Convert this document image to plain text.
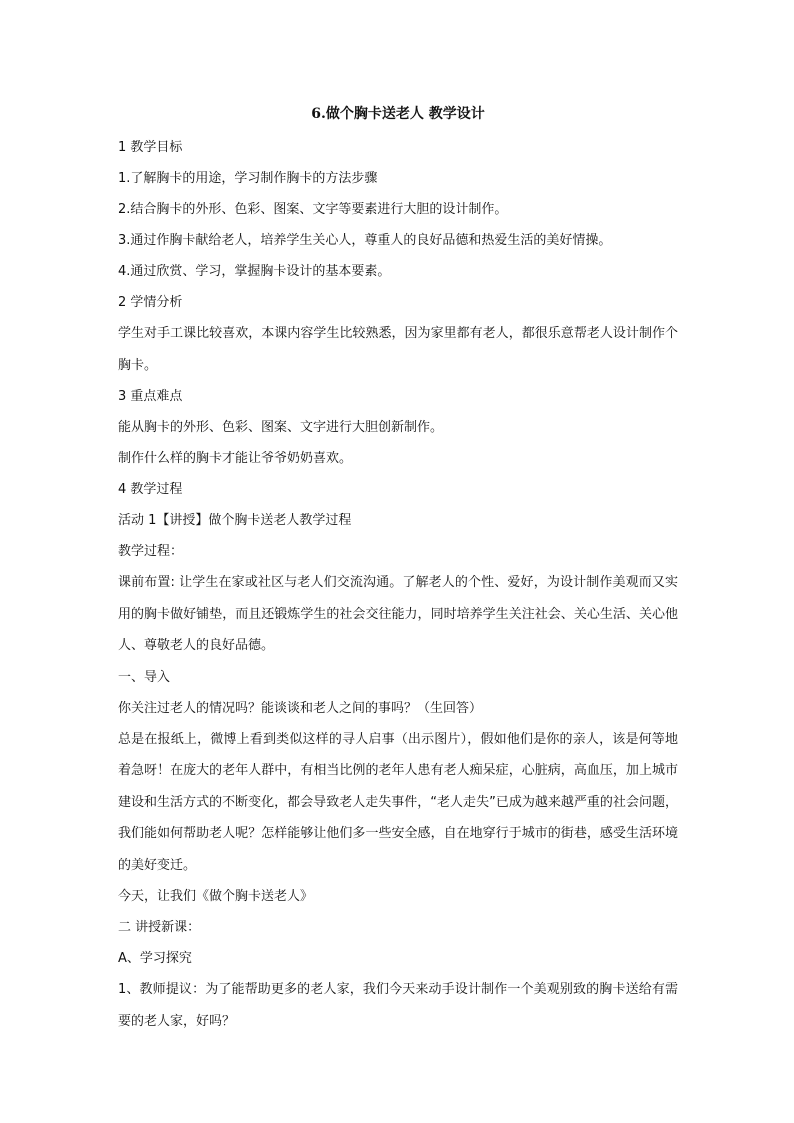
6.做个胸卡送老人 教学设计
1 教学目标
1.了解胸卡的用途，学习制作胸卡的方法步骤
2.结合胸卡的外形、色彩、图案、文字等要素进行大胆的设计制作。
3.通过作胸卡献给老人，培养学生关心人，尊重人的良好品德和热爱生活的美好情操。
4.通过欣赏、学习，掌握胸卡设计的基本要素。
2 学情分析
学生对手工课比较喜欢，本课内容学生比较熟悉，因为家里都有老人，都很乐意帮老人设计制作个胸卡。
3 重点难点
能从胸卡的外形、色彩、图案、文字进行大胆创新制作。
制作什么样的胸卡才能让爷爷奶奶喜欢。
4 教学过程
活动 1【讲授】做个胸卡送老人教学过程
教学过程：
课前布置: 让学生在家或社区与老人们交流沟通。了解老人的个性、爱好，为设计制作美观而又实用的胸卡做好铺垫，而且还锻炼学生的社会交往能力，同时培养学生关注社会、关心生活、关心他人、尊敬老人的良好品德。
一、导入
你关注过老人的情况吗？能谈谈和老人之间的事吗？（生回答）
总是在报纸上，微博上看到类似这样的寻人启事（出示图片），假如他们是你的亲人，该是何等地着急呀！在庞大的老年人群中，有相当比例的老年人患有老人痴呆症，心脏病，高血压，加上城市建设和生活方式的不断变化，都会导致老人走失事件，“老人走失”已成为越来越严重的社会问题，我们能如何帮助老人呢？怎样能够让他们多一些安全感，自在地穿行于城市的街巷，感受生活环境的美好变迁。
今天，让我们《做个胸卡送老人》
二 讲授新课：
A、学习探究
1、教师提议：为了能帮助更多的老人家，我们今天来动手设计制作一个美观别致的胸卡送给有需要的老人家，好吗？
